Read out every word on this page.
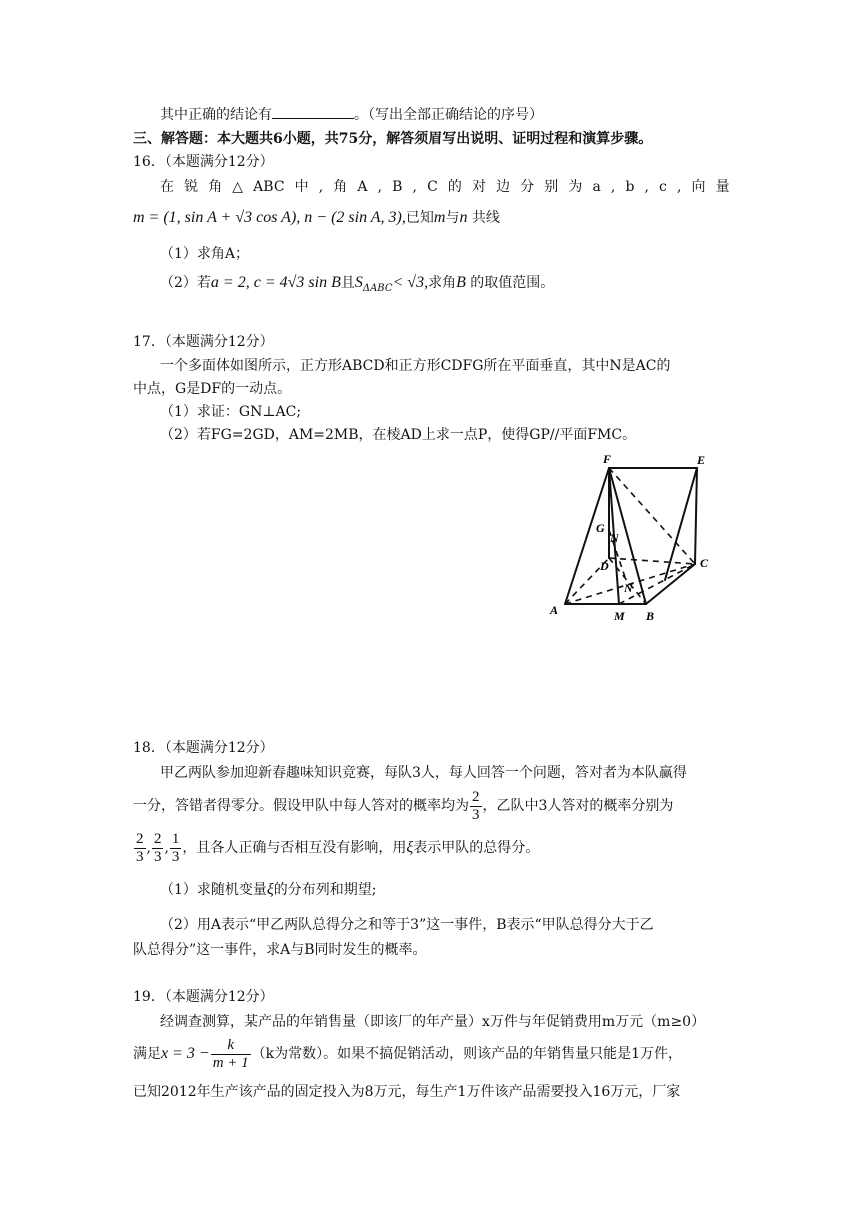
其中正确的结论有	。（写出全部正确结论的序号）
三、解答题：本大题共6小题，共75分，解答须眉写出说明、证明过程和演算步骤。
16．（本题满分12分）
在 锐 角 △ ABC 中 , 角 A , B , C 的 对 边 分 别 为 a , b , c , 向 量
m = (1, sin A + √3 cos A), n − (2 sin A, 3),已知m与n 共线
（1）求角A；
（2）若a = 2, c = 4√3 sin B且$S_{\Delta ABC}< √3$,求角B 的取值范围。
17．（本题满分12分）
一个多面体如图所示，正方形ABCD和正方形CDFG所在平面垂直，其中N是AC的
中点，G是DF的一动点。
（1）求证：GN⊥AC;
（2）若FG=2GD，AM=2MB，在棱AD上求一点P，使得GP//平面FMC。
F	E
G
N
D	C
N
A	M B
18．（本题满分12分）
甲乙两队参加迎新春趣味知识竞赛，每队3人，每人回答一个问题，答对者为本队赢得
一分，答错者得零分。假设甲队中每人答对的概率均为 $\frac{2}{3}$ ，乙队中3人答对的概率分别为
$\frac{2}{3}$ , $\frac{2}{3}$ , $\frac{1}{3}$ ，且各人正确与否相互没有影响，用 ξ 表示甲队的总得分。
（1）求随机变量ξ的分布列和期望;
（2）用A表示“甲乙两队总得分之和等于3”这一事件，B表示“甲队总得分大于乙
队总得分”这一事件，求A与B同时发生的概率。
19．（本题满分12分）
经调查测算，某产品的年销售量（即该厂的年产量）x万件与年促销费用m万元（m≥0）
满足 $x = 3 - \frac{k}{m + 1} (k$为常数）。如果不搞促销活动，则该产品的年销售量只能是1万件，
已知2012年生产该产品的固定投入为8万元，每生产1万件该产品需要投入16万元，厂家
